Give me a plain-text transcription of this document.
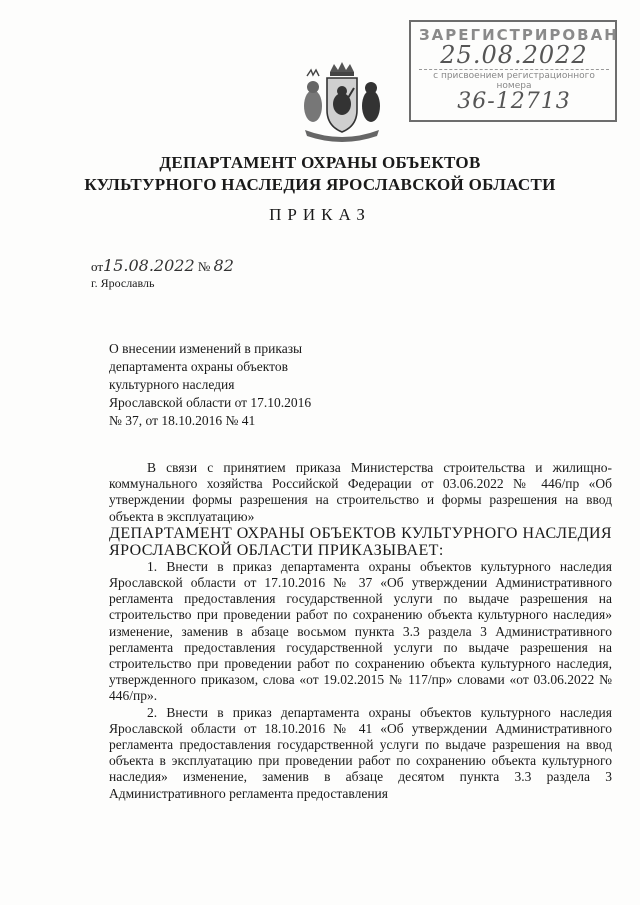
ЗАРЕГИСТРИРОВАН
25.08.2022
с присвоением регистрационного номера
36-12713
ДЕПАРТАМЕНТ ОХРАНЫ ОБЪЕКТОВ
КУЛЬТУРНОГО НАСЛЕДИЯ ЯРОСЛАВСКОЙ ОБЛАСТИ
ПРИКАЗ
от15.08.2022 № 82
г. Ярославль
О внесении изменений в приказы
департамента охраны объектов
культурного наследия
Ярославской области от 17.10.2016
№ 37, от 18.10.2016 № 41

В связи с принятием приказа Министерства строительства и жилищно-коммунального хозяйства Российской Федерации от 03.06.2022 № 446/пр «Об утверждении формы разрешения на строительство и формы разрешения на ввод объекта в эксплуатацию»

ДЕПАРТАМЕНТ ОХРАНЫ ОБЪЕКТОВ КУЛЬТУРНОГО НАСЛЕДИЯ ЯРОСЛАВСКОЙ ОБЛАСТИ ПРИКАЗЫВАЕТ:

1. Внести в приказ департамента охраны объектов культурного наследия Ярославской области от 17.10.2016 № 37 «Об утверждении Административного регламента предоставления государственной услуги по выдаче разрешения на строительство при проведении работ по сохранению объекта культурного наследия» изменение, заменив в абзаце восьмом пункта 3.3 раздела 3 Административного регламента предоставления государственной услуги по выдаче разрешения на строительство при проведении работ по сохранению объекта культурного наследия, утвержденного приказом, слова «от 19.02.2015 № 117/пр» словами «от 03.06.2022 № 446/пр».

2. Внести в приказ департамента охраны объектов культурного наследия Ярославской области от 18.10.2016 № 41 «Об утверждении Административного регламента предоставления государственной услуги по выдаче разрешения на ввод объекта в эксплуатацию при проведении работ по сохранению объекта культурного наследия» изменение, заменив в абзаце десятом пункта 3.3 раздела 3 Административного регламента предоставления
